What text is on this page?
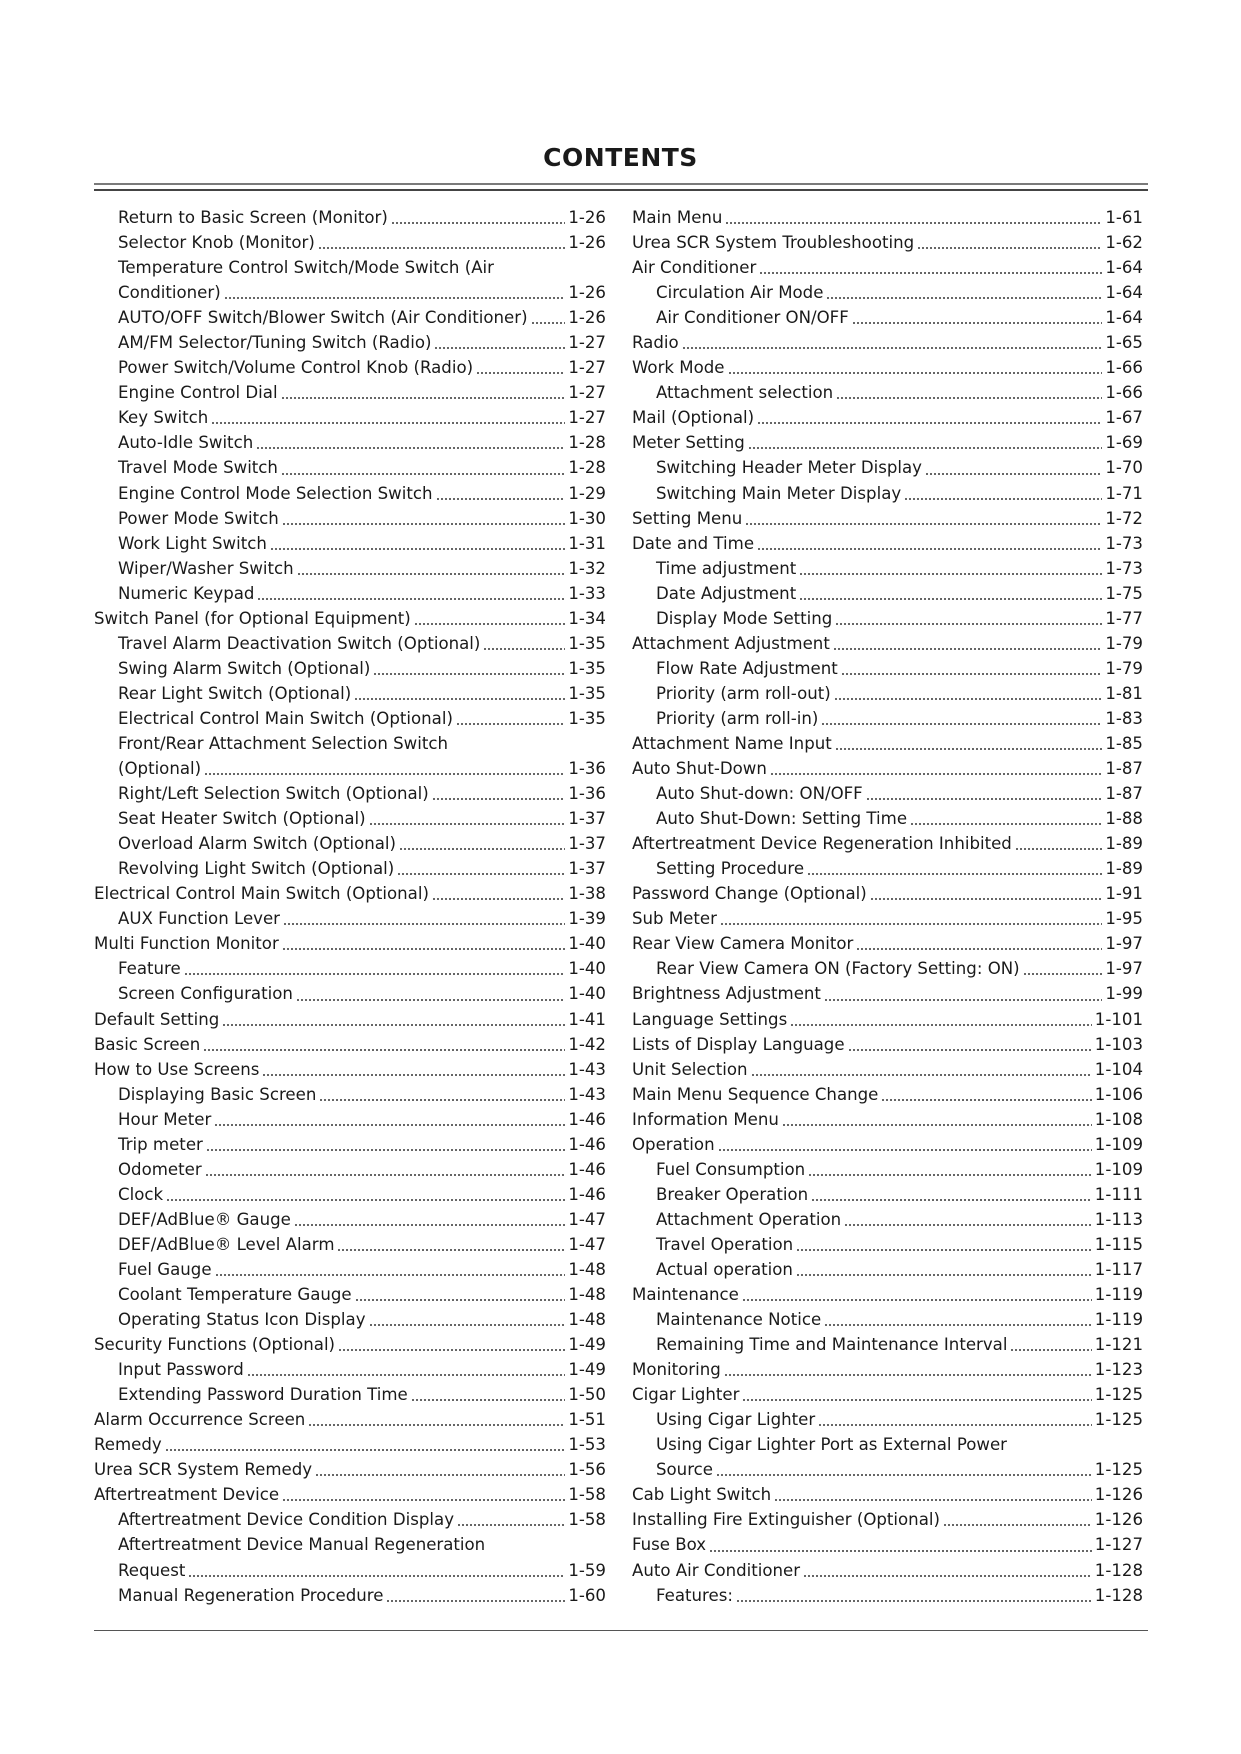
CONTENTS
Return to Basic Screen (Monitor)	1-26
Selector Knob (Monitor)	1-26
Temperature Control Switch/Mode Switch (Air
Conditioner)	1-26
AUTO/OFF Switch/Blower Switch (Air Conditioner) 1-26
AM/FM Selector/Tuning Switch (Radio)	1-27
Power Switch/Volume Control Knob (Radio)	1-27
Engine Control Dial	1-27
Key Switch	1-27
Auto-Idle Switch	1-28
Travel Mode Switch	1-28
Engine Control Mode Selection Switch	1-29
Power Mode Switch	1-30
Work Light Switch	1-31
Wiper/Washer Switch	1-32
Numeric Keypad	1-33
Switch Panel (for Optional Equipment)	1-34
Travel Alarm Deactivation Switch (Optional)	1-35
Swing Alarm Switch (Optional)	1-35
Rear Light Switch (Optional)	1-35
Electrical Control Main Switch (Optional)	1-35
Front/Rear Attachment Selection Switch
(Optional)	1-36
Right/Left Selection Switch (Optional)	1-36
Seat Heater Switch (Optional)	1-37
Overload Alarm Switch (Optional)	1-37
Revolving Light Switch (Optional)	1-37
Electrical Control Main Switch (Optional)	1-38
AUX Function Lever	1-39
Multi Function Monitor	1-40
Feature	1-40
Screen Configuration	1-40
Default Setting	1-41
Basic Screen	1-42
How to Use Screens	1-43
Displaying Basic Screen	1-43
Hour Meter	1-46
Trip meter	1-46
Odometer	1-46
Clock	1-46
DEF/AdBlue® Gauge	1-47
DEF/AdBlue® Level Alarm	1-47
Fuel Gauge	1-48
Coolant Temperature Gauge	1-48
Operating Status Icon Display	1-48
Security Functions (Optional)	1-49
Input Password	1-49
Extending Password Duration Time	1-50
Alarm Occurrence Screen	1-51
Remedy	1-53
Urea SCR System Remedy	1-56
Aftertreatment Device	1-58
Aftertreatment Device Condition Display	1-58
Aftertreatment Device Manual Regeneration
Request	1-59
Manual Regeneration Procedure	1-60
Main Menu	1-61
Urea SCR System Troubleshooting	1-62
Air Conditioner	1-64
Circulation Air Mode	1-64
Air Conditioner ON/OFF	1-64
Radio	1-65
Work Mode	1-66
Attachment selection	1-66
Mail (Optional)	1-67
Meter Setting	1-69
Switching Header Meter Display	1-70
Switching Main Meter Display	1-71
Setting Menu	1-72
Date and Time	1-73
Time adjustment	1-73
Date Adjustment	1-75
Display Mode Setting	1-77
Attachment Adjustment	1-79
Flow Rate Adjustment	1-79
Priority (arm roll-out)	1-81
Priority (arm roll-in)	1-83
Attachment Name Input	1-85
Auto Shut-Down	1-87
Auto Shut-down: ON/OFF	1-87
Auto Shut-Down: Setting Time	1-88
Aftertreatment Device Regeneration Inhibited	1-89
Setting Procedure	1-89
Password Change (Optional)	1-91
Sub Meter	1-95
Rear View Camera Monitor	1-97
Rear View Camera ON (Factory Setting: ON)	1-97
Brightness Adjustment	1-99
Language Settings	1-101
Lists of Display Language	1-103
Unit Selection	1-104
Main Menu Sequence Change	1-106
Information Menu	1-108
Operation	1-109
Fuel Consumption	1-109
Breaker Operation	1-111
Attachment Operation	1-113
Travel Operation	1-115
Actual operation	1-117
Maintenance	1-119
Maintenance Notice	1-119
Remaining Time and Maintenance Interval	1-121
Monitoring	1-123
Cigar Lighter	1-125
Using Cigar Lighter	1-125
Using Cigar Lighter Port as External Power
Source	1-125
Cab Light Switch	1-126
Installing Fire Extinguisher (Optional)	1-126
Fuse Box	1-127
Auto Air Conditioner	1-128
Features:	1-128
